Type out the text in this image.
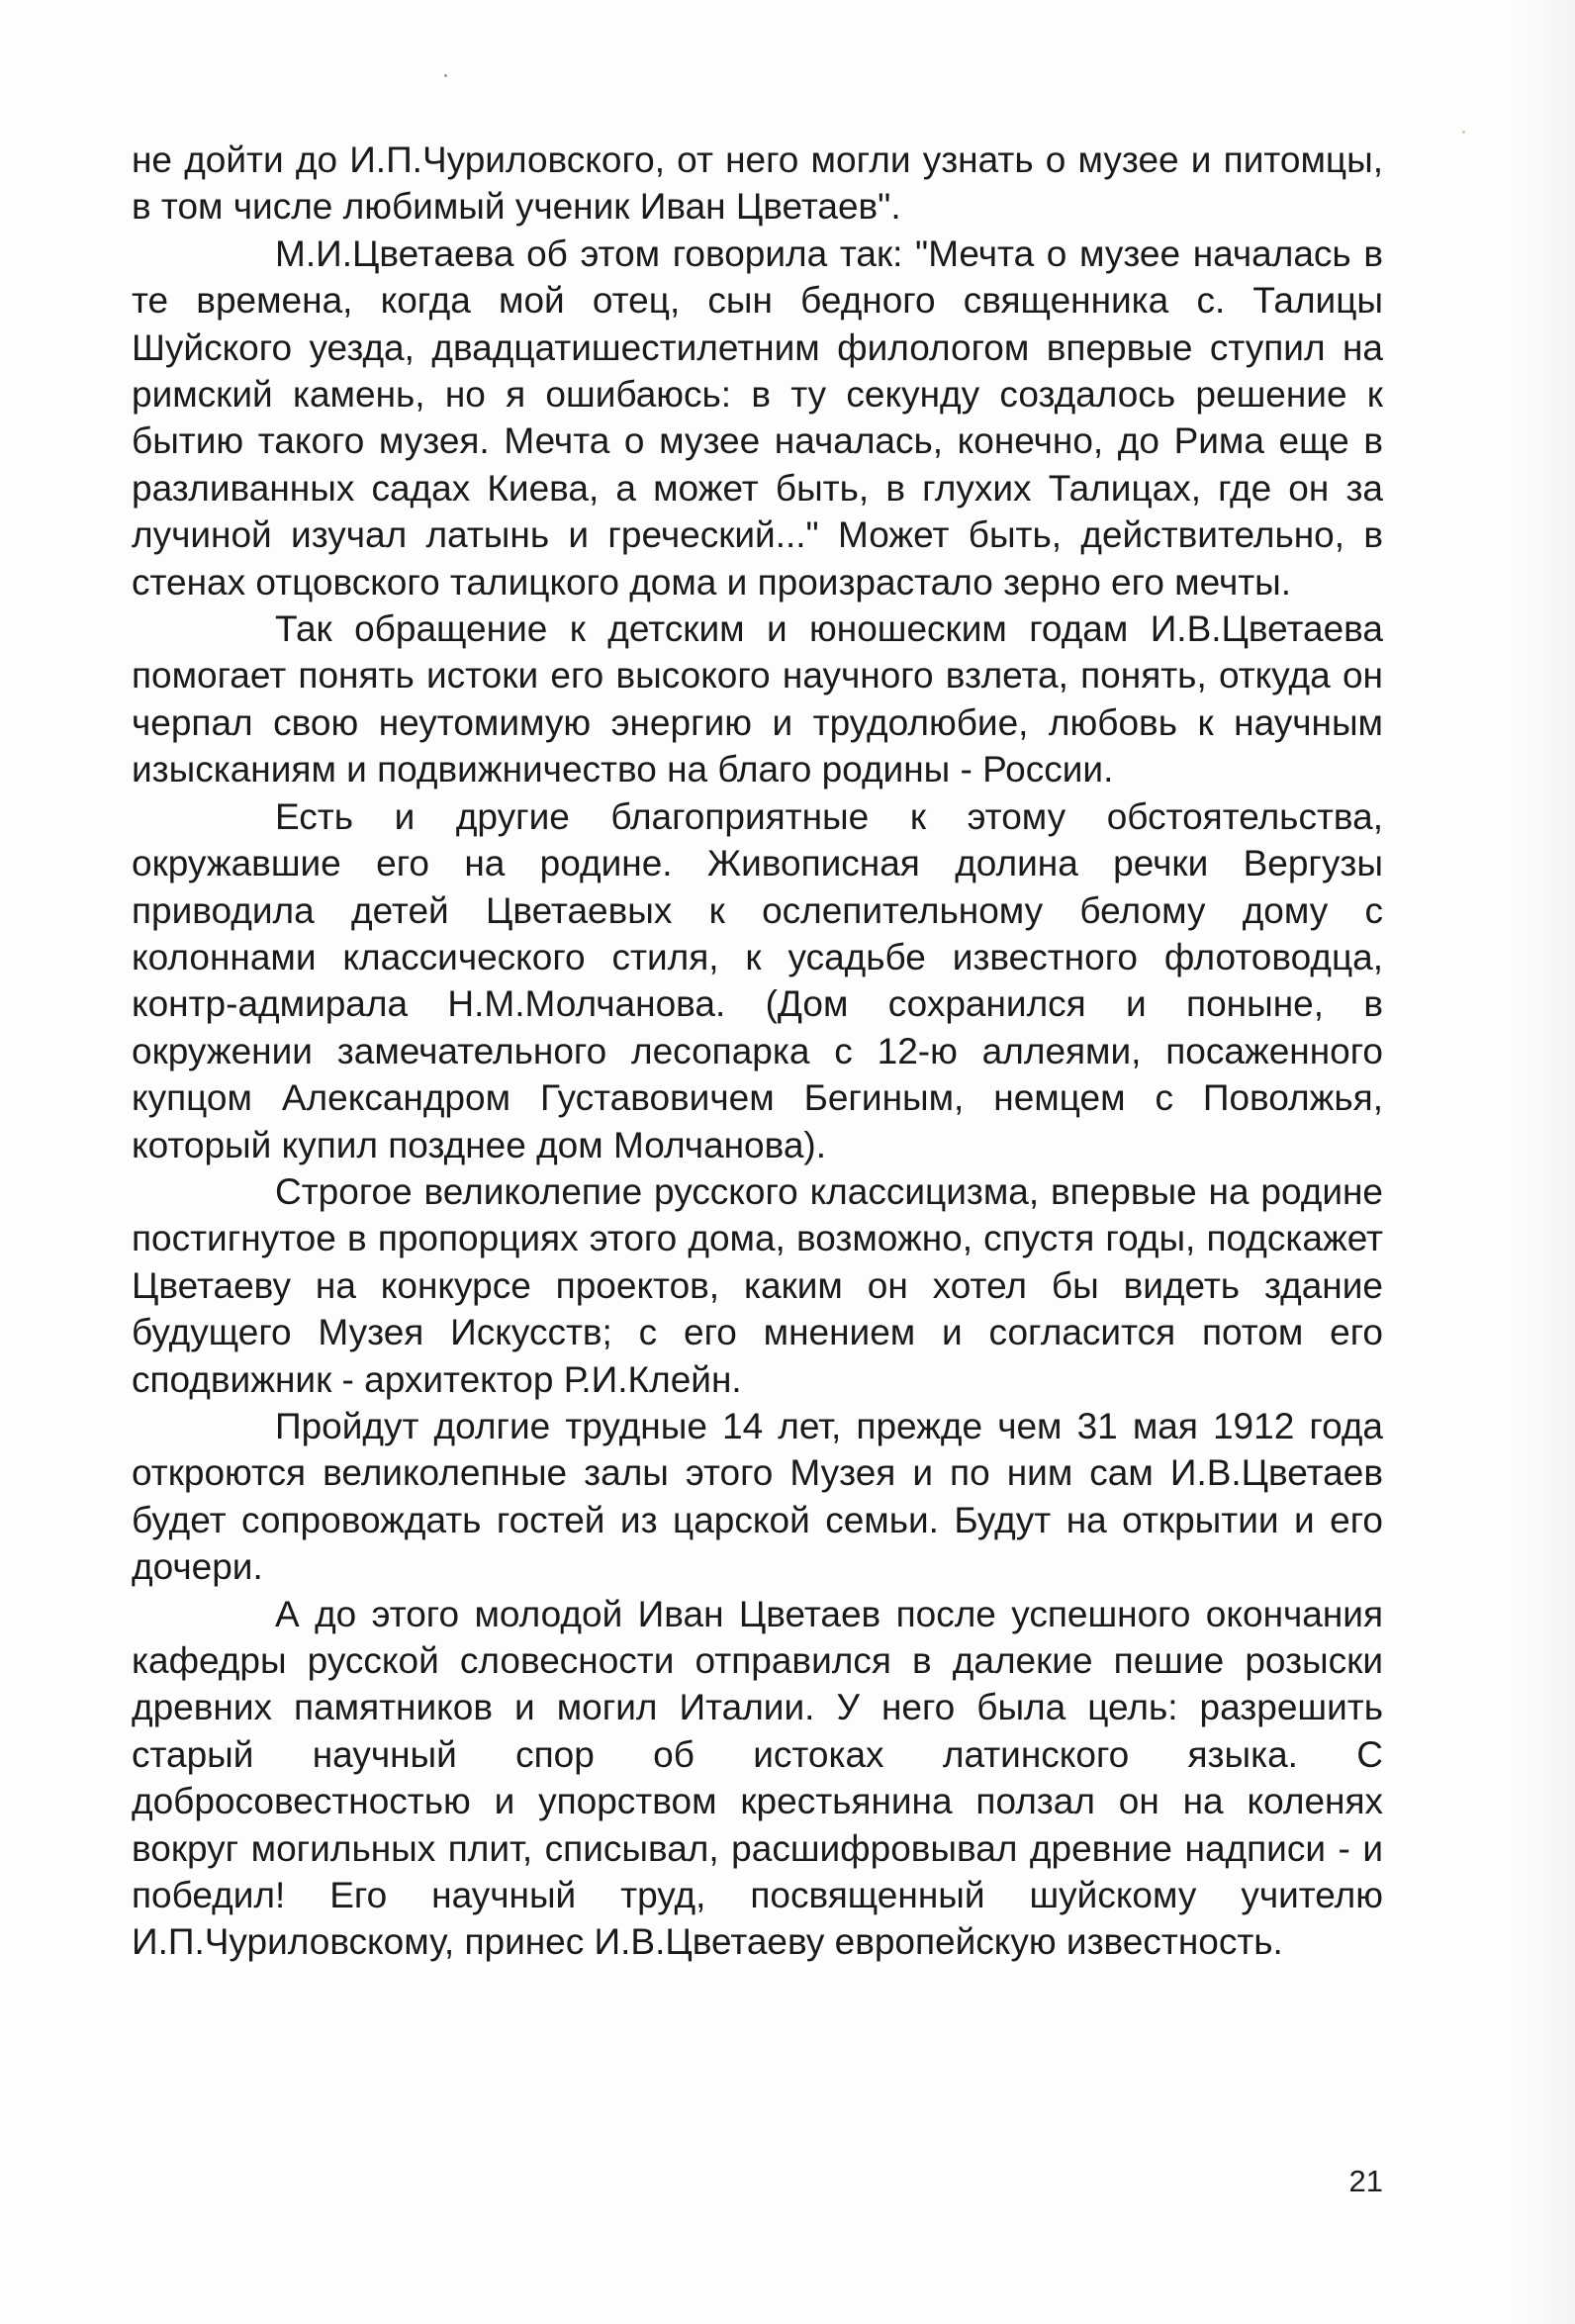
не дойти до И.П.Чуриловского, от него могли узнать о музее и питомцы, в том числе любимый ученик Иван Цветаев".

М.И.Цветаева об этом говорила так: "Мечта о музее началась в те времена, когда мой отец, сын бедного священника с. Талицы Шуйского уезда, двадцатишестилетним филологом впервые ступил на римский камень, но я ошибаюсь: в ту секунду создалось решение к бытию такого музея. Мечта о музее началась, конечно, до Рима еще в разливанных садах Киева, а может быть, в глухих Талицах, где он за лучиной изучал латынь и греческий..." Может быть, действительно, в стенах отцовского талицкого дома и произрастало зерно его мечты.

Так обращение к детским и юношеским годам И.В.Цветаева помогает понять истоки его высокого научного взлета, понять, откуда он черпал свою неутомимую энергию и трудолюбие, любовь к научным изысканиям и подвижничество на благо родины - России.

Есть и другие благоприятные к этому обстоятельства, окружавшие его на родине. Живописная долина речки Вергузы приводила детей Цветаевых к ослепительному белому дому с колоннами классического стиля, к усадьбе известного флотоводца, контр-адмирала Н.М.Молчанова. (Дом сохранился и поныне, в окружении замечательного лесопарка с 12-ю аллеями, посаженного купцом Александром Густавовичем Бегиным, немцем с Поволжья, который купил позднее дом Молчанова).

Строгое великолепие русского классицизма, впервые на родине постигнутое в пропорциях этого дома, возможно, спустя годы, подскажет Цветаеву на конкурсе проектов, каким он хотел бы видеть здание будущего Музея Искусств; с его мнением и согласится потом его сподвижник - архитектор Р.И.Клейн.

Пройдут долгие трудные 14 лет, прежде чем 31 мая 1912 года откроются великолепные залы этого Музея и по ним сам И.В.Цветаев будет сопровождать гостей из царской семьи. Будут на открытии и его дочери.

А до этого молодой Иван Цветаев после успешного окончания кафедры русской словесности отправился в далекие пешие розыски древних памятников и могил Италии. У него была цель: разрешить старый научный спор об истоках латинского языка. С добросовестностью и упорством крестьянина ползал он на коленях вокруг могильных плит, списывал, расшифровывал древние надписи - и победил! Его научный труд, посвященный шуйскому учителю И.П.Чуриловскому, принес И.В.Цветаеву европейскую известность.

21
